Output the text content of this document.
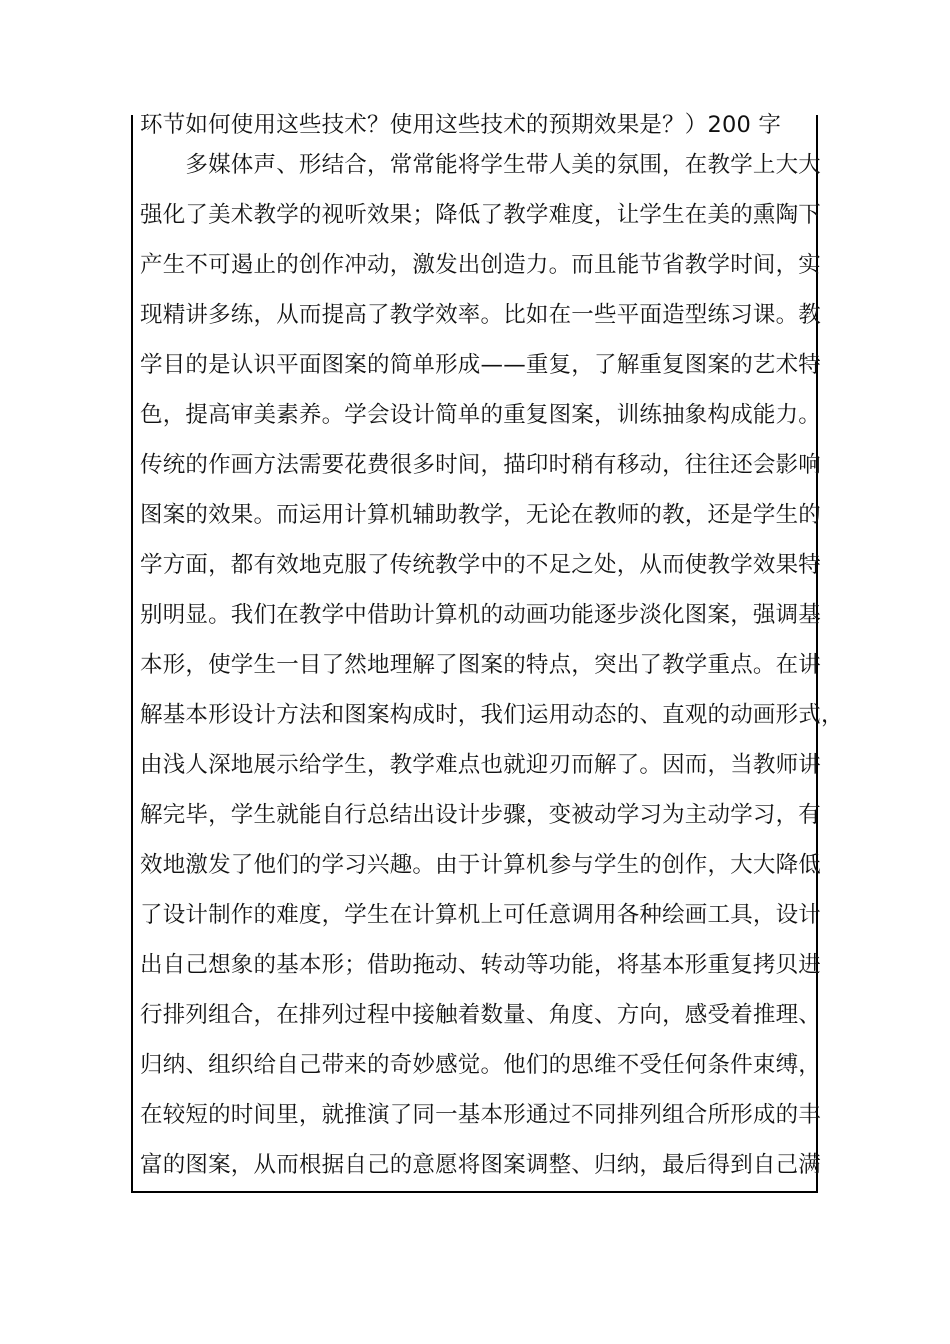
环节如何使用这些技术？使用这些技术的预期效果是？）200 字
　　多媒体声、形结合，常常能将学生带人美的氛围，在教学上大大
强化了美术教学的视听效果；降低了教学难度，让学生在美的熏陶下
产生不可遏止的创作冲动，激发出创造力。而且能节省教学时间，实
现精讲多练，从而提高了教学效率。比如在一些平面造型练习课。教
学目的是认识平面图案的简单形成——重复，了解重复图案的艺术特
色，提高审美素养。学会设计简单的重复图案，训练抽象构成能力。
传统的作画方法需要花费很多时间，描印时稍有移动，往往还会影响
图案的效果。而运用计算机辅助教学，无论在教师的教，还是学生的
学方面，都有效地克服了传统教学中的不足之处，从而使教学效果特
别明显。我们在教学中借助计算机的动画功能逐步淡化图案，强调基
本形，使学生一目了然地理解了图案的特点，突出了教学重点。在讲
解基本形设计方法和图案构成时，我们运用动态的、直观的动画形式，
由浅人深地展示给学生，教学难点也就迎刃而解了。因而，当教师讲
解完毕，学生就能自行总结出设计步骤，变被动学习为主动学习，有
效地激发了他们的学习兴趣。由于计算机参与学生的创作，大大降低
了设计制作的难度，学生在计算机上可任意调用各种绘画工具，设计
出自己想象的基本形；借助拖动、转动等功能，将基本形重复拷贝进
行排列组合，在排列过程中接触着数量、角度、方向，感受着推理、
归纳、组织给自己带来的奇妙感觉。他们的思维不受任何条件束缚，
在较短的时间里，就推演了同一基本形通过不同排列组合所形成的丰
富的图案，从而根据自己的意愿将图案调整、归纳，最后得到自己满
